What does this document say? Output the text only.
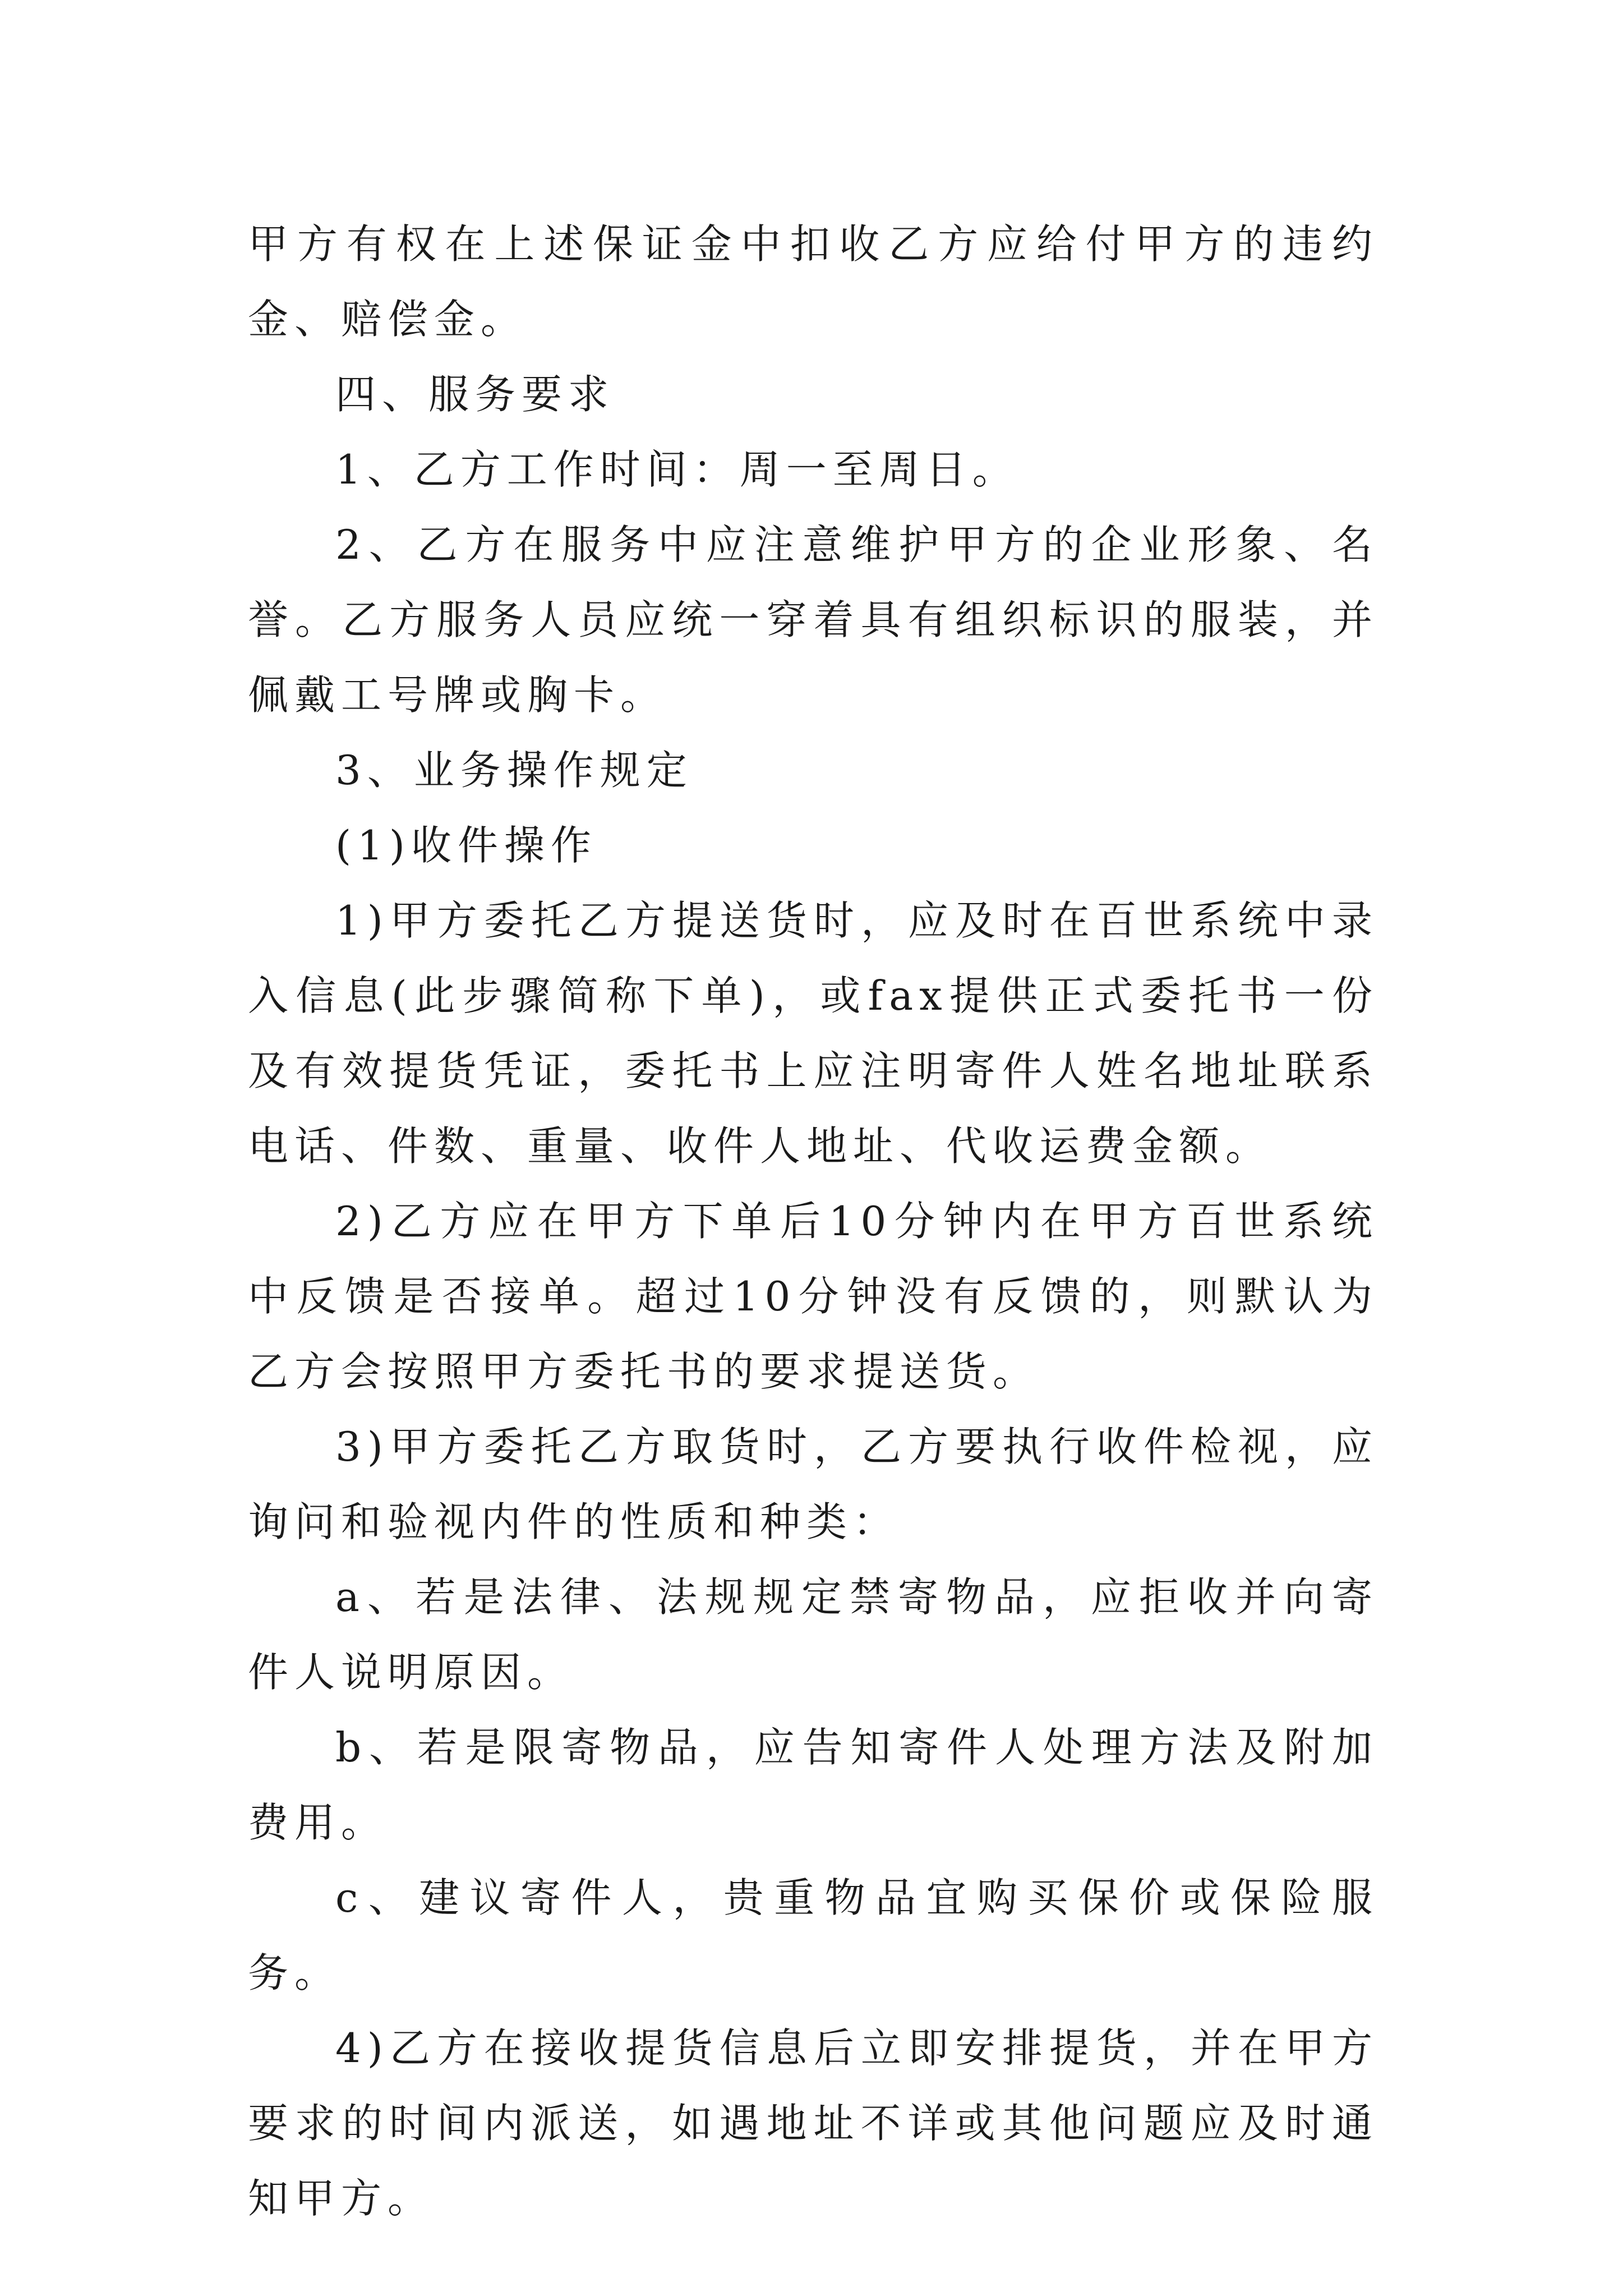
甲方有权在上述保证金中扣收乙方应给付甲方的违约金、赔偿金。

四、服务要求

1、乙方工作时间：周一至周日。

2、乙方在服务中应注意维护甲方的企业形象、名誉。乙方服务人员应统一穿着具有组织标识的服装，并佩戴工号牌或胸卡。

3、业务操作规定

(1)收件操作

1)甲方委托乙方提送货时，应及时在百世系统中录入信息(此步骤简称下单)，或fax提供正式委托书一份及有效提货凭证，委托书上应注明寄件人姓名地址联系电话、件数、重量、收件人地址、代收运费金额。

2)乙方应在甲方下单后10分钟内在甲方百世系统中反馈是否接单。超过10分钟没有反馈的，则默认为乙方会按照甲方委托书的要求提送货。

3)甲方委托乙方取货时，乙方要执行收件检视，应询问和验视内件的性质和种类：

a、若是法律、法规规定禁寄物品，应拒收并向寄件人说明原因。

b、若是限寄物品，应告知寄件人处理方法及附加费用。

c、建议寄件人，贵重物品宜购买保价或保险服务。

4)乙方在接收提货信息后立即安排提货，并在甲方要求的时间内派送，如遇地址不详或其他问题应及时通知甲方。
